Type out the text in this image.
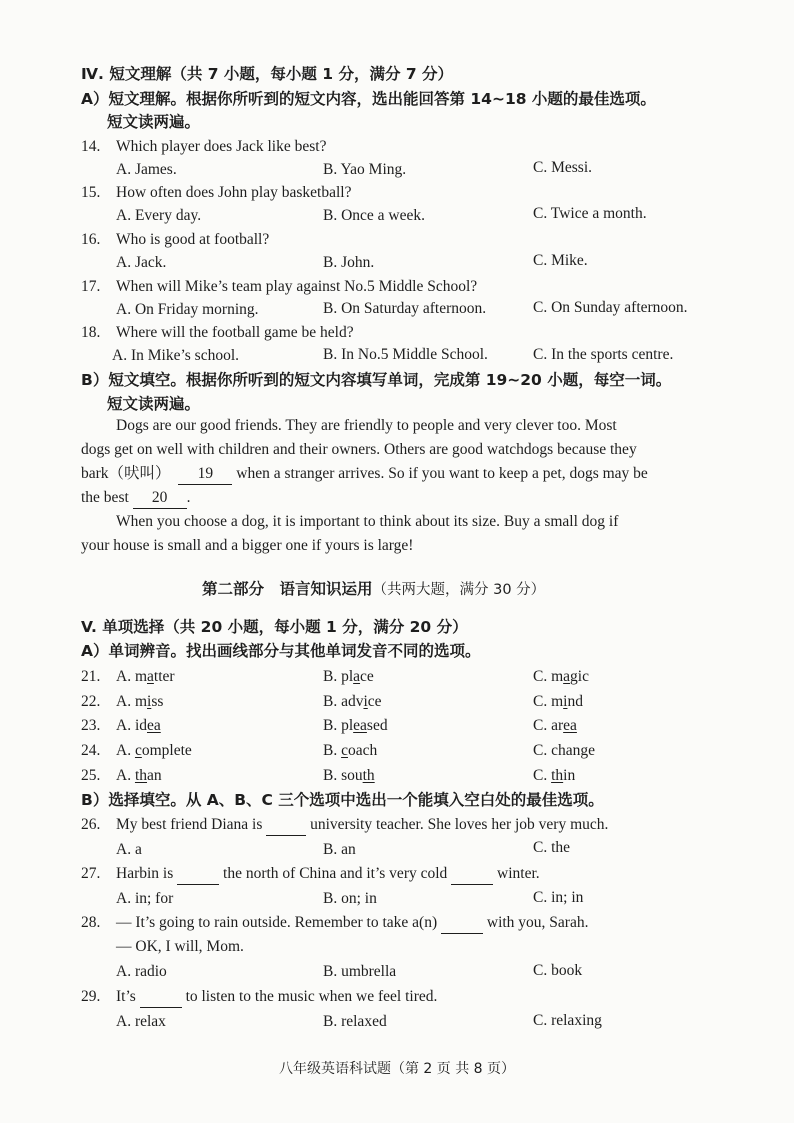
Ⅳ. 短文理解（共 7 小题，每小题 1 分，满分 7 分）
A）短文理解。根据你所听到的短文内容，选出能回答第 14~18 小题的最佳选项。
短文读两遍。
14.	Which player does Jack like best?
A. James.	B. Yao Ming.	C. Messi.
15.	How often does John play basketball?
A. Every day.	B. Once a week.	C. Twice a month.
16.	Who is good at football?
A. Jack.	B. John.	C. Mike.
17.	When will Mike’s team play against No.5 Middle School?
A. On Friday morning.	B. On Saturday afternoon.	C. On Sunday afternoon.
18.	Where will the football game be held?
A. In Mike’s school.	B. In No.5 Middle School.	C. In the sports centre.
B）短文填空。根据你所听到的短文内容填写单词，完成第 19~20 小题，每空一词。
短文读两遍。
Dogs are our good friends. They are friendly to people and very clever too. Most
dogs get on well with children and their owners. Others are good watchdogs because they
bark（吠叫） 19 when a stranger arrives. So if you want to keep a pet, dogs may be
the best 20 .
When you choose a dog, it is important to think about its size. Buy a small dog if
your house is small and a bigger one if yours is large!
第二部分　语言知识运用（共两大题，满分 30 分）
V. 单项选择（共 20 小题，每小题 1 分，满分 20 分）
A）单词辨音。找出画线部分与其他单词发音不同的选项。
21.	A. matter	B. place	C. magic
22.	A. miss	B. advice	C. mind
23.	A. idea	B. pleased	C. area
24.	A. complete	B. coach	C. change
25.	A. than	B. south	C. thin
B）选择填空。从 A、B、C 三个选项中选出一个能填入空白处的最佳选项。
26.	My best friend Diana is	university teacher. She loves her job very much.
A. a	B. an	C. the
27.	Harbin is	the north of China and it’s very cold	winter.
A. in; for	B. on; in	C. in; in
28.	— It’s going to rain outside. Remember to take a(n)	with you, Sarah.
— OK, I will, Mom.
A. radio	B. umbrella	C. book
29.	It’s	to listen to the music when we feel tired.
A. relax	B. relaxed	C. relaxing
八年级英语科试题（第 2 页 共 8 页）
